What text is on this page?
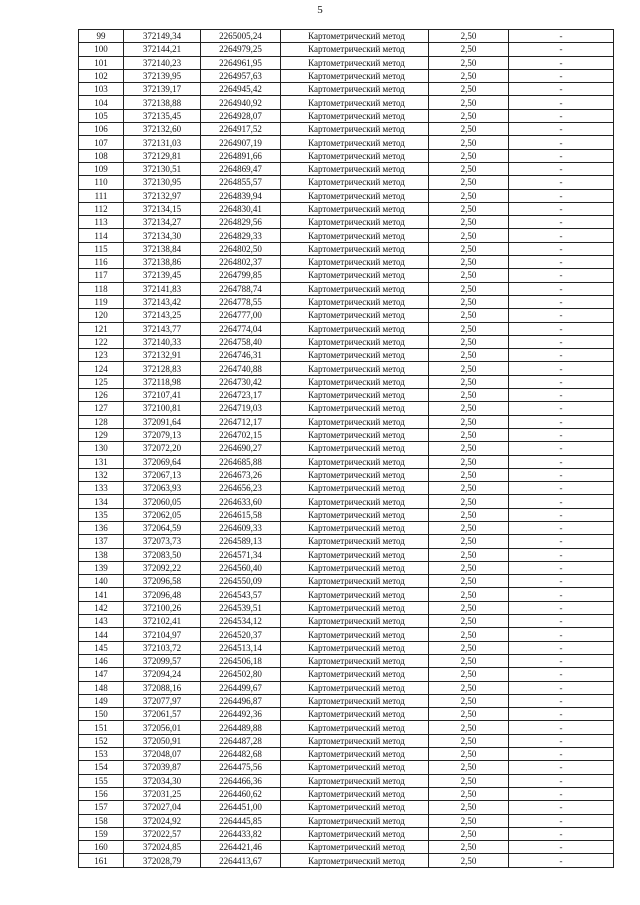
5
99	372149,34	2265005,24	Картометрический метод	2,50	-
100	372144,21	2264979,25	Картометрический метод	2,50	-
101	372140,23	2264961,95	Картометрический метод	2,50	-
102	372139,95	2264957,63	Картометрический метод	2,50	-
103	372139,17	2264945,42	Картометрический метод	2,50	-
104	372138,88	2264940,92	Картометрический метод	2,50	-
105	372135,45	2264928,07	Картометрический метод	2,50	-
106	372132,60	2264917,52	Картометрический метод	2,50	-
107	372131,03	2264907,19	Картометрический метод	2,50	-
108	372129,81	2264891,66	Картометрический метод	2,50	-
109	372130,51	2264869,47	Картометрический метод	2,50	-
110	372130,95	2264855,57	Картометрический метод	2,50	-
111	372132,97	2264839,94	Картометрический метод	2,50	-
112	372134,15	2264830,41	Картометрический метод	2,50	-
113	372134,27	2264829,56	Картометрический метод	2,50	-
114	372134,30	2264829,33	Картометрический метод	2,50	-
115	372138,84	2264802,50	Картометрический метод	2,50	-
116	372138,86	2264802,37	Картометрический метод	2,50	-
117	372139,45	2264799,85	Картометрический метод	2,50	-
118	372141,83	2264788,74	Картометрический метод	2,50	-
119	372143,42	2264778,55	Картометрический метод	2,50	-
120	372143,25	2264777,00	Картометрический метод	2,50	-
121	372143,77	2264774,04	Картометрический метод	2,50	-
122	372140,33	2264758,40	Картометрический метод	2,50	-
123	372132,91	2264746,31	Картометрический метод	2,50	-
124	372128,83	2264740,88	Картометрический метод	2,50	-
125	372118,98	2264730,42	Картометрический метод	2,50	-
126	372107,41	2264723,17	Картометрический метод	2,50	-
127	372100,81	2264719,03	Картометрический метод	2,50	-
128	372091,64	2264712,17	Картометрический метод	2,50	-
129	372079,13	2264702,15	Картометрический метод	2,50	-
130	372072,20	2264690,27	Картометрический метод	2,50	-
131	372069,64	2264685,88	Картометрический метод	2,50	-
132	372067,13	2264673,26	Картометрический метод	2,50	-
133	372063,93	2264656,23	Картометрический метод	2,50	-
134	372060,05	2264633,60	Картометрический метод	2,50	-
135	372062,05	2264615,58	Картометрический метод	2,50	-
136	372064,59	2264609,33	Картометрический метод	2,50	-
137	372073,73	2264589,13	Картометрический метод	2,50	-
138	372083,50	2264571,34	Картометрический метод	2,50	-
139	372092,22	2264560,40	Картометрический метод	2,50	-
140	372096,58	2264550,09	Картометрический метод	2,50	-
141	372096,48	2264543,57	Картометрический метод	2,50	-
142	372100,26	2264539,51	Картометрический метод	2,50	-
143	372102,41	2264534,12	Картометрический метод	2,50	-
144	372104,97	2264520,37	Картометрический метод	2,50	-
145	372103,72	2264513,14	Картометрический метод	2,50	-
146	372099,57	2264506,18	Картометрический метод	2,50	-
147	372094,24	2264502,80	Картометрический метод	2,50	-
148	372088,16	2264499,67	Картометрический метод	2,50	-
149	372077,97	2264496,87	Картометрический метод	2,50	-
150	372061,57	2264492,36	Картометрический метод	2,50	-
151	372056,01	2264489,88	Картометрический метод	2,50	-
152	372050,91	2264487,28	Картометрический метод	2,50	-
153	372048,07	2264482,68	Картометрический метод	2,50	-
154	372039,87	2264475,56	Картометрический метод	2,50	-
155	372034,30	2264466,36	Картометрический метод	2,50	-
156	372031,25	2264460,62	Картометрический метод	2,50	-
157	372027,04	2264451,00	Картометрический метод	2,50	-
158	372024,92	2264445,85	Картометрический метод	2,50	-
159	372022,57	2264433,82	Картометрический метод	2,50	-
160	372024,85	2264421,46	Картометрический метод	2,50	-
161	372028,79	2264413,67	Картометрический метод	2,50	-
